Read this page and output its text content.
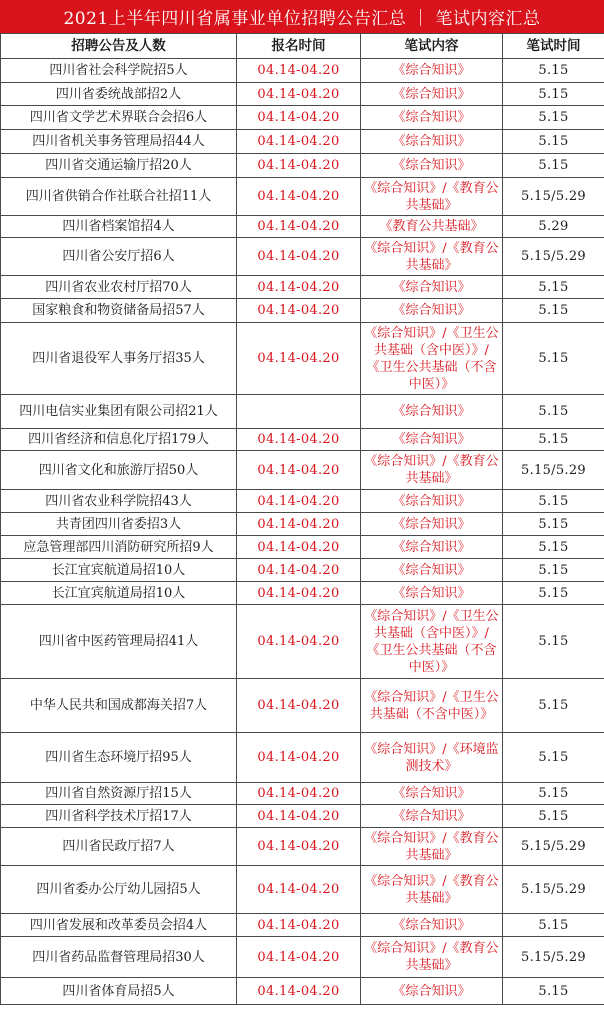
2021上半年四川省属事业单位招聘公告汇总 ｜ 笔试内容汇总
招聘公告及人数	报名时间	笔试内容	笔试时间
四川省社会科学院招5人	04.14-04.20	《综合知识》	5.15
四川省委统战部招2人	04.14-04.20	《综合知识》	5.15
四川省文学艺术界联合会招6人	04.14-04.20	《综合知识》	5.15
四川省机关事务管理局招44人	04.14-04.20	《综合知识》	5.15
四川省交通运输厅招20人	04.14-04.20	《综合知识》	5.15
四川省供销合作社联合社招11人	04.14-04.20	《综合知识》/《教育公共基础》	5.15/5.29
四川省档案馆招4人	04.14-04.20	《教育公共基础》	5.29
四川省公安厅招6人	04.14-04.20	《综合知识》/《教育公共基础》	5.15/5.29
四川省农业农村厅招70人	04.14-04.20	《综合知识》	5.15
国家粮食和物资储备局招57人	04.14-04.20	《综合知识》	5.15
四川省退役军人事务厅招35人	04.14-04.20	《综合知识》/《卫生公共基础（含中医）》/《卫生公共基础（不含中医）》	5.15
四川电信实业集团有限公司招21人		《综合知识》	5.15
四川省经济和信息化厅招179人	04.14-04.20	《综合知识》	5.15
四川省文化和旅游厅招50人	04.14-04.20	《综合知识》/《教育公共基础》	5.15/5.29
四川省农业科学院招43人	04.14-04.20	《综合知识》	5.15
共青团四川省委招3人	04.14-04.20	《综合知识》	5.15
应急管理部四川消防研究所招9人	04.14-04.20	《综合知识》	5.15
长江宜宾航道局招10人	04.14-04.20	《综合知识》	5.15
长江宜宾航道局招10人	04.14-04.20	《综合知识》	5.15
四川省中医药管理局招41人	04.14-04.20	《综合知识》/《卫生公共基础（含中医）》/《卫生公共基础（不含中医）》	5.15
中华人民共和国成都海关招7人	04.14-04.20	《综合知识》/《卫生公共基础（不含中医）》	5.15
四川省生态环境厅招95人	04.14-04.20	《综合知识》/《环境监测技术》	5.15
四川省自然资源厅招15人	04.14-04.20	《综合知识》	5.15
四川省科学技术厅招17人	04.14-04.20	《综合知识》	5.15
四川省民政厅招7人	04.14-04.20	《综合知识》/《教育公共基础》	5.15/5.29
四川省委办公厅幼儿园招5人	04.14-04.20	《综合知识》/《教育公共基础》	5.15/5.29
四川省发展和改革委员会招4人	04.14-04.20	《综合知识》	5.15
四川省药品监督管理局招30人	04.14-04.20	《综合知识》/《教育公共基础》	5.15/5.29
四川省体育局招5人	04.14-04.20	《综合知识》	5.15
